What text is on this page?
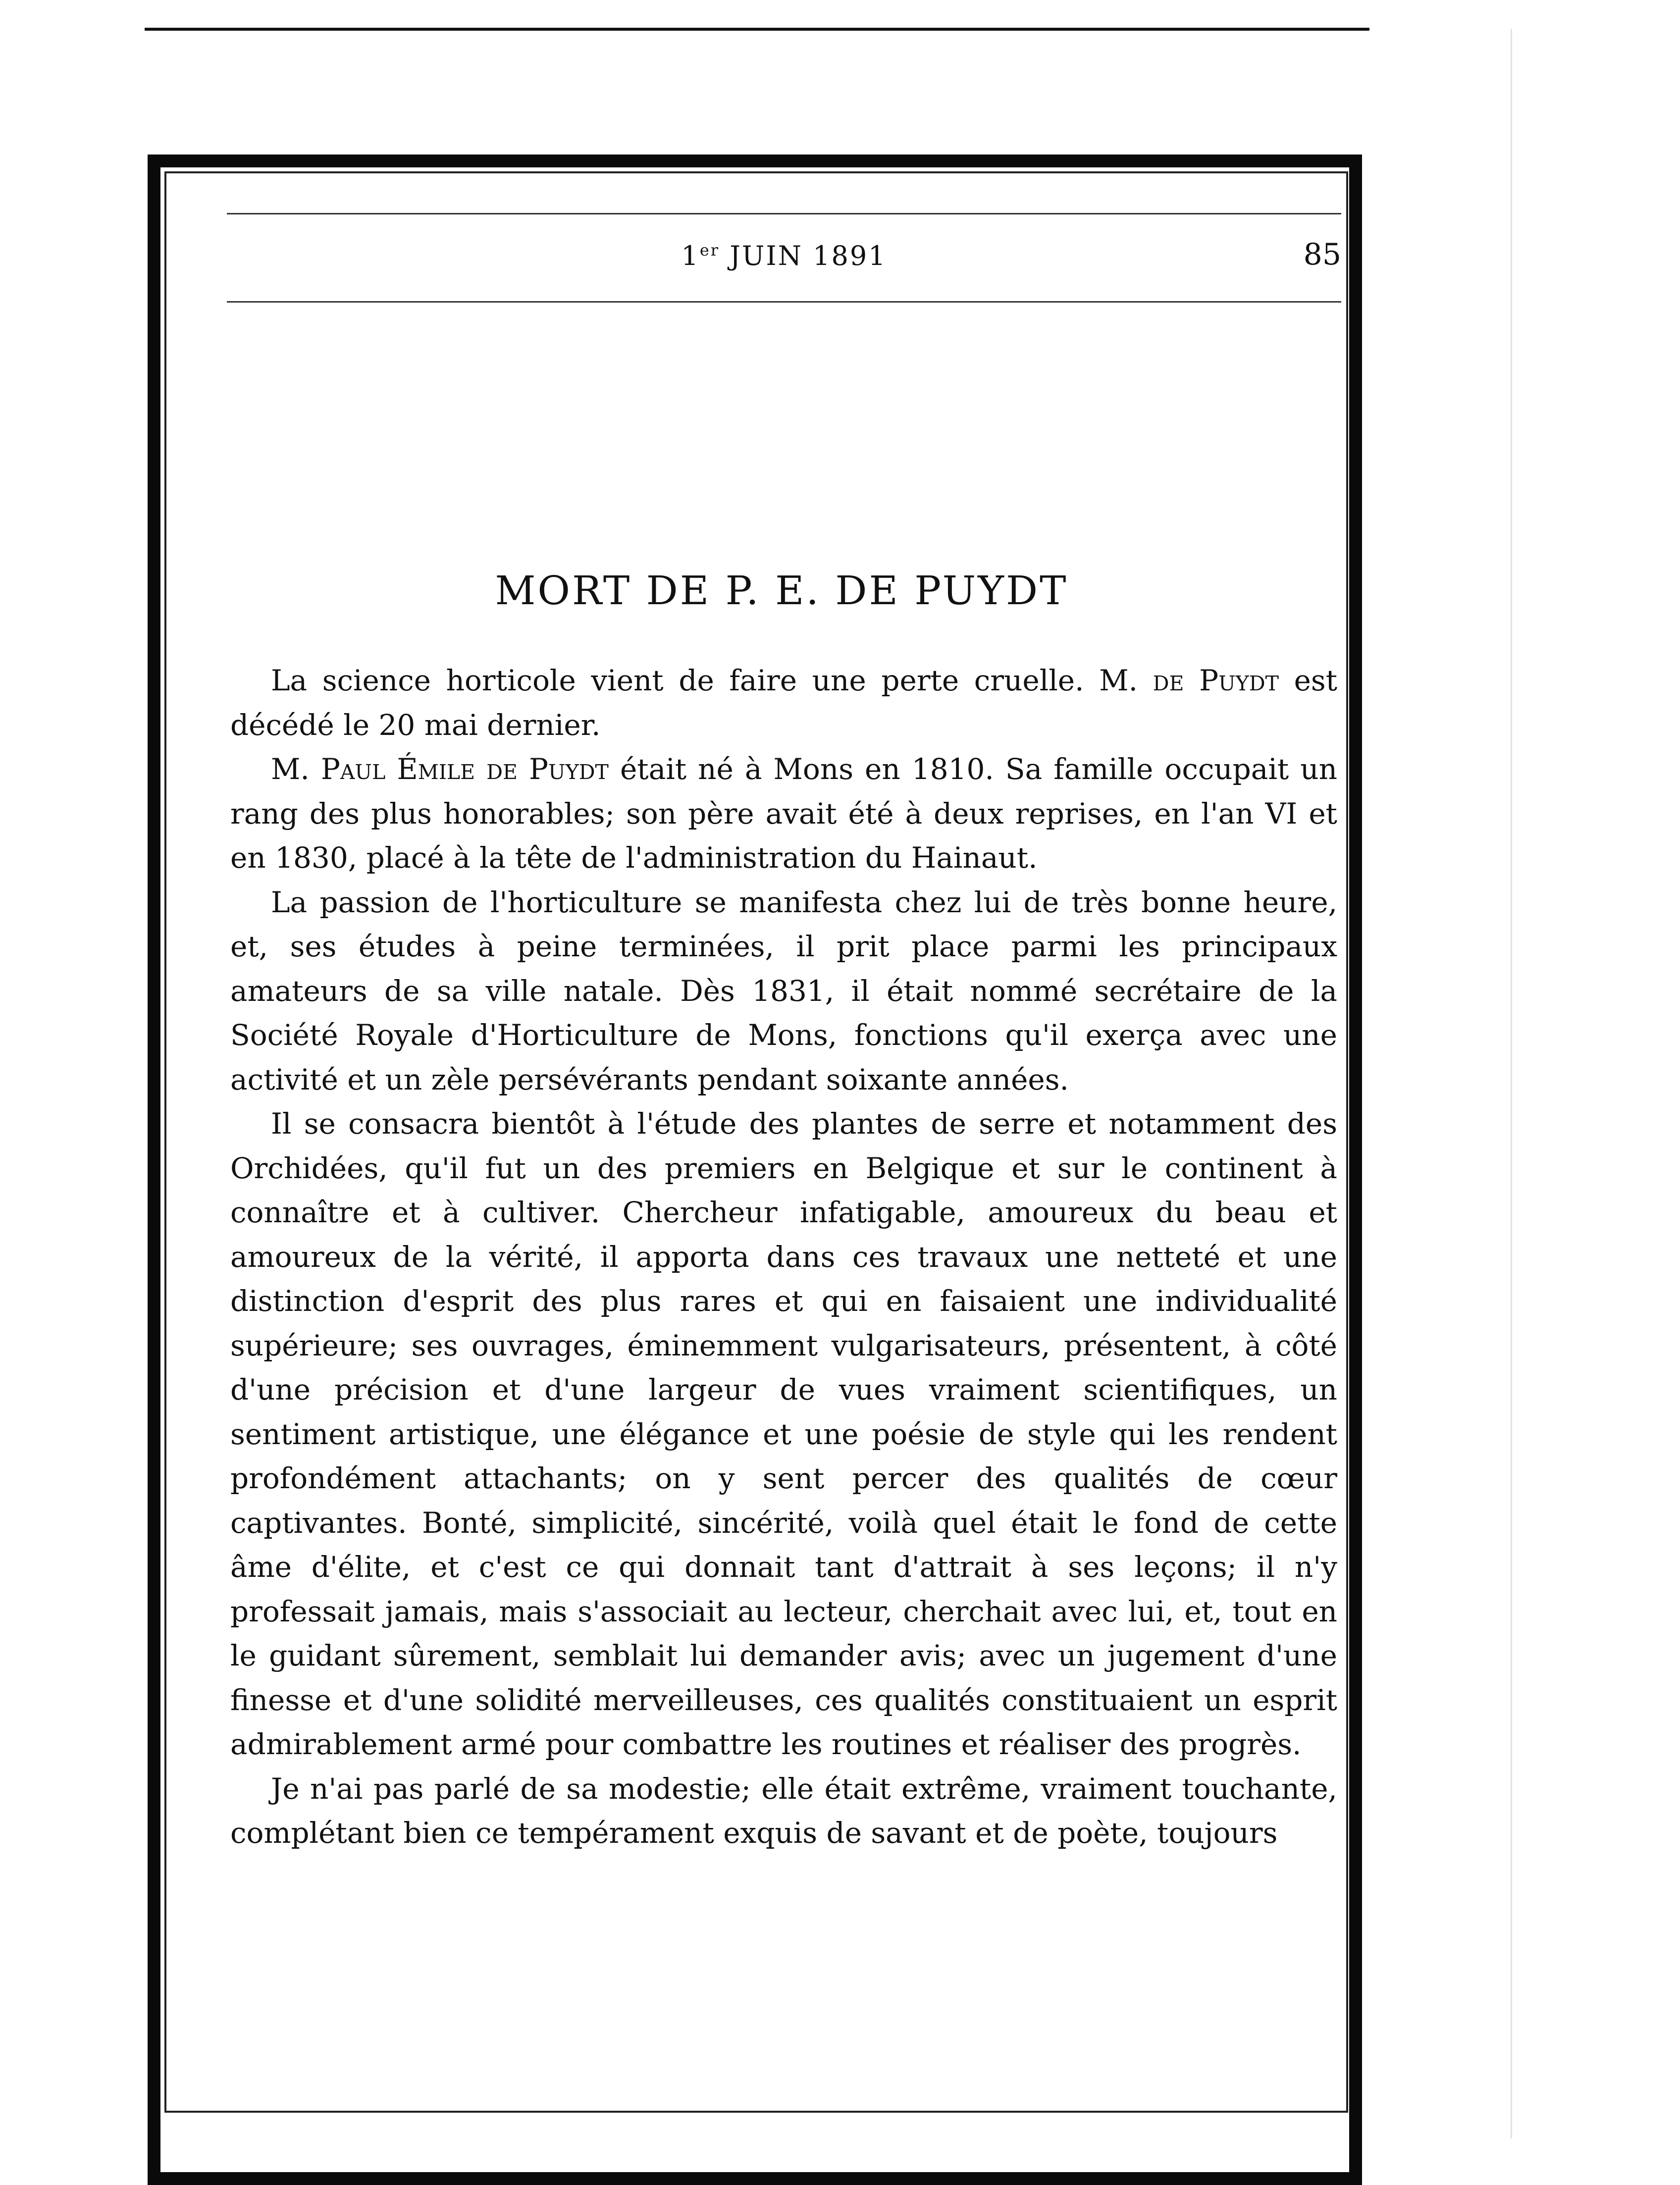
1er JUIN 1891	85
MORT DE P. E. DE PUYDT

La science horticole vient de faire une perte cruelle. M. de Puydt est décédé le 20 mai dernier.

M. Paul Émile de Puydt était né à Mons en 1810. Sa famille occupait un rang des plus honorables; son père avait été à deux reprises, en l'an VI et en 1830, placé à la tête de l'administration du Hainaut.

La passion de l'horticulture se manifesta chez lui de très bonne heure, et, ses études à peine terminées, il prit place parmi les principaux amateurs de sa ville natale. Dès 1831, il était nommé secrétaire de la Société Royale d'Horticulture de Mons, fonctions qu'il exerça avec une activité et un zèle persévérants pendant soixante années.

Il se consacra bientôt à l'étude des plantes de serre et notamment des Orchidées, qu'il fut un des premiers en Belgique et sur le continent à connaître et à cultiver. Chercheur infatigable, amoureux du beau et amoureux de la vérité, il apporta dans ces travaux une netteté et une distinction d'esprit des plus rares et qui en faisaient une individualité supérieure; ses ouvrages, éminemment vulgarisateurs, présentent, à côté d'une précision et d'une largeur de vues vraiment scientifiques, un sentiment artistique, une élégance et une poésie de style qui les rendent profondément attachants; on y sent percer des qualités de cœur captivantes. Bonté, simplicité, sincérité, voilà quel était le fond de cette âme d'élite, et c'est ce qui donnait tant d'attrait à ses leçons; il n'y professait jamais, mais s'associait au lecteur, cherchait avec lui, et, tout en le guidant sûrement, semblait lui demander avis; avec un jugement d'une finesse et d'une solidité merveilleuses, ces qualités constituaient un esprit admirablement armé pour combattre les routines et réaliser des progrès.

Je n'ai pas parlé de sa modestie; elle était extrême, vraiment touchante, complétant bien ce tempérament exquis de savant et de poète, toujours
